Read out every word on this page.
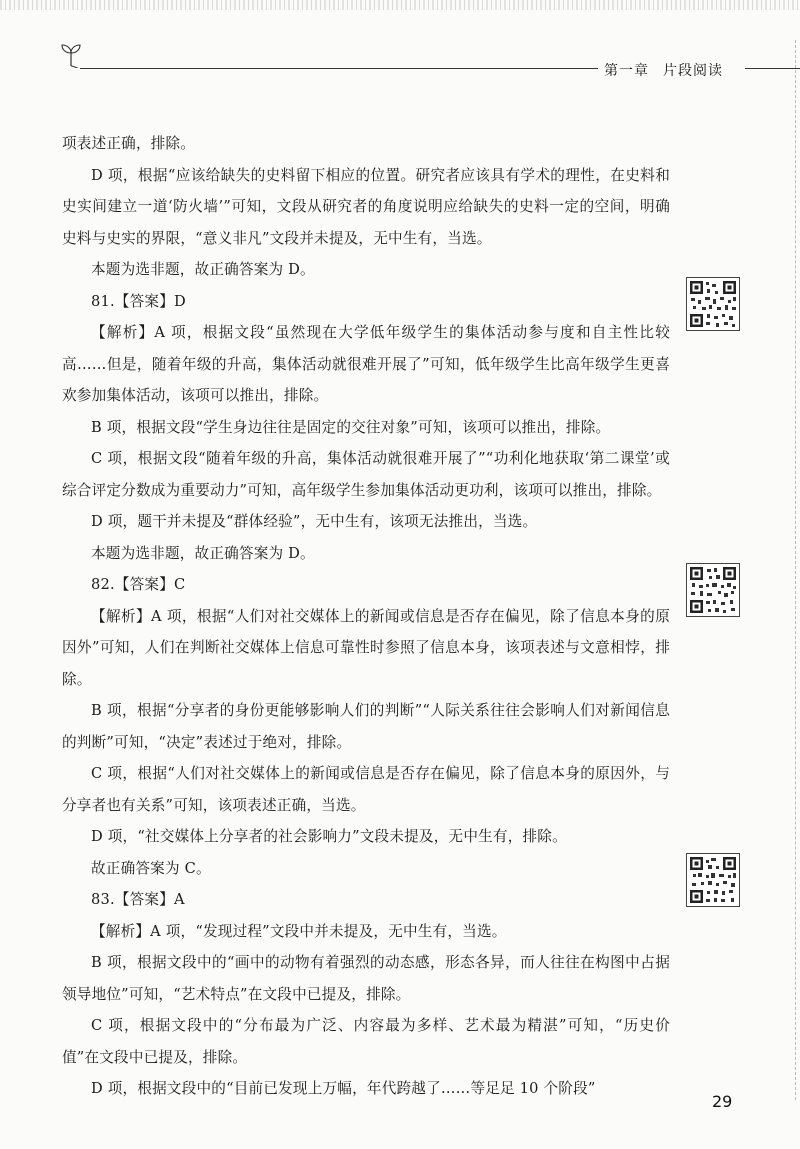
第一章 片段阅读

项表述正确，排除。

D 项，根据“应该给缺失的史料留下相应的位置。研究者应该具有学术的理性，在史料和史实间建立一道‘防火墙’”可知，文段从研究者的角度说明应给缺失的史料一定的空间，明确史料与史实的界限，“意义非凡”文段并未提及，无中生有，当选。

本题为选非题，故正确答案为 D。

81.【答案】D

【解析】A 项，根据文段“虽然现在大学低年级学生的集体活动参与度和自主性比较高……但是，随着年级的升高，集体活动就很难开展了”可知，低年级学生比高年级学生更喜欢参加集体活动，该项可以推出，排除。

B 项，根据文段“学生身边往往是固定的交往对象”可知，该项可以推出，排除。

C 项，根据文段“随着年级的升高，集体活动就很难开展了”“功利化地获取‘第二课堂’或综合评定分数成为重要动力”可知，高年级学生参加集体活动更功利，该项可以推出，排除。

D 项，题干并未提及“群体经验”，无中生有，该项无法推出，当选。

本题为选非题，故正确答案为 D。

82.【答案】C

【解析】A 项，根据“人们对社交媒体上的新闻或信息是否存在偏见，除了信息本身的原因外”可知，人们在判断社交媒体上信息可靠性时参照了信息本身，该项表述与文意相悖，排除。

B 项，根据“分享者的身份更能够影响人们的判断”“人际关系往往会影响人们对新闻信息的判断”可知，“决定”表述过于绝对，排除。

C 项，根据“人们对社交媒体上的新闻或信息是否存在偏见，除了信息本身的原因外，与分享者也有关系”可知，该项表述正确，当选。

D 项，“社交媒体上分享者的社会影响力”文段未提及，无中生有，排除。

故正确答案为 C。

83.【答案】A

【解析】A 项，“发现过程”文段中并未提及，无中生有，当选。

B 项，根据文段中的“画中的动物有着强烈的动态感，形态各异，而人往往在构图中占据领导地位”可知，“艺术特点”在文段中已提及，排除。

C 项，根据文段中的“分布最为广泛、内容最为多样、艺术最为精湛”可知，“历史价值”在文段中已提及，排除。

D 项，根据文段中的“目前已发现上万幅，年代跨越了……等足足 10 个阶段”

29
